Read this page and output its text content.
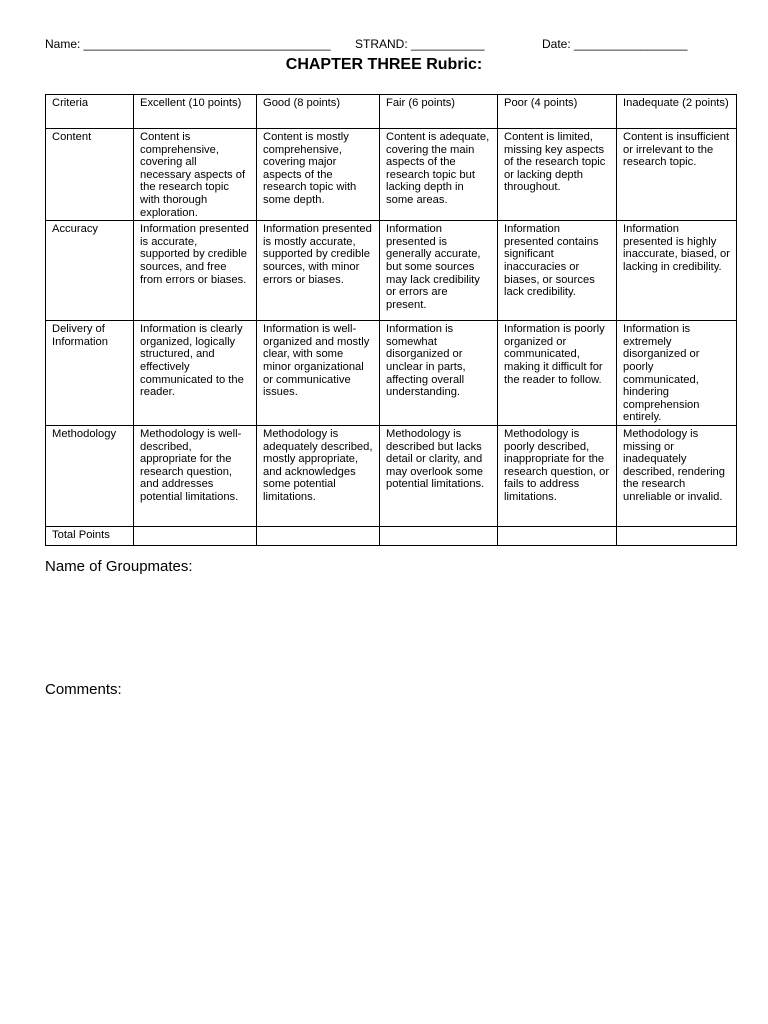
Name: _____________________________________ STRAND: ___________	Date: _________________
CHAPTER THREE Rubric:
Criteria	Excellent (10 points)	Good (8 points)	Fair (6 points)	Poor (4 points)	Inadequate (2 points)
Content	Content is comprehensive, covering all necessary aspects of the research topic with thorough exploration.	Content is mostly comprehensive, covering major aspects of the research topic with some depth.	Content is adequate, covering the main aspects of the research topic but lacking depth in some areas.	Content is limited, missing key aspects of the research topic or lacking depth throughout.	Content is insufficient or irrelevant to the research topic.
Accuracy	Information presented is accurate, supported by credible sources, and free from errors or biases.	Information presented is mostly accurate, supported by credible sources, with minor errors or biases.	Information presented is generally accurate, but some sources may lack credibility or errors are present.	Information presented contains significant inaccuracies or biases, or sources lack credibility.	Information presented is highly inaccurate, biased, or lacking in credibility.
Delivery of Information	Information is clearly organized, logically structured, and effectively communicated to the reader.	Information is well-organized and mostly clear, with some minor organizational or communicative issues.	Information is somewhat disorganized or unclear in parts, affecting overall understanding.	Information is poorly organized or communicated, making it difficult for the reader to follow.	Information is extremely disorganized or poorly communicated, hindering comprehension entirely.
Methodology	Methodology is well-described, appropriate for the research question, and addresses potential limitations.	Methodology is adequately described, mostly appropriate, and acknowledges some potential limitations.	Methodology is described but lacks detail or clarity, and may overlook some potential limitations.	Methodology is poorly described, inappropriate for the research question, or fails to address limitations.	Methodology is missing or inadequately described, rendering the research unreliable or invalid.
Total Points					
Name of Groupmates:
Comments:
